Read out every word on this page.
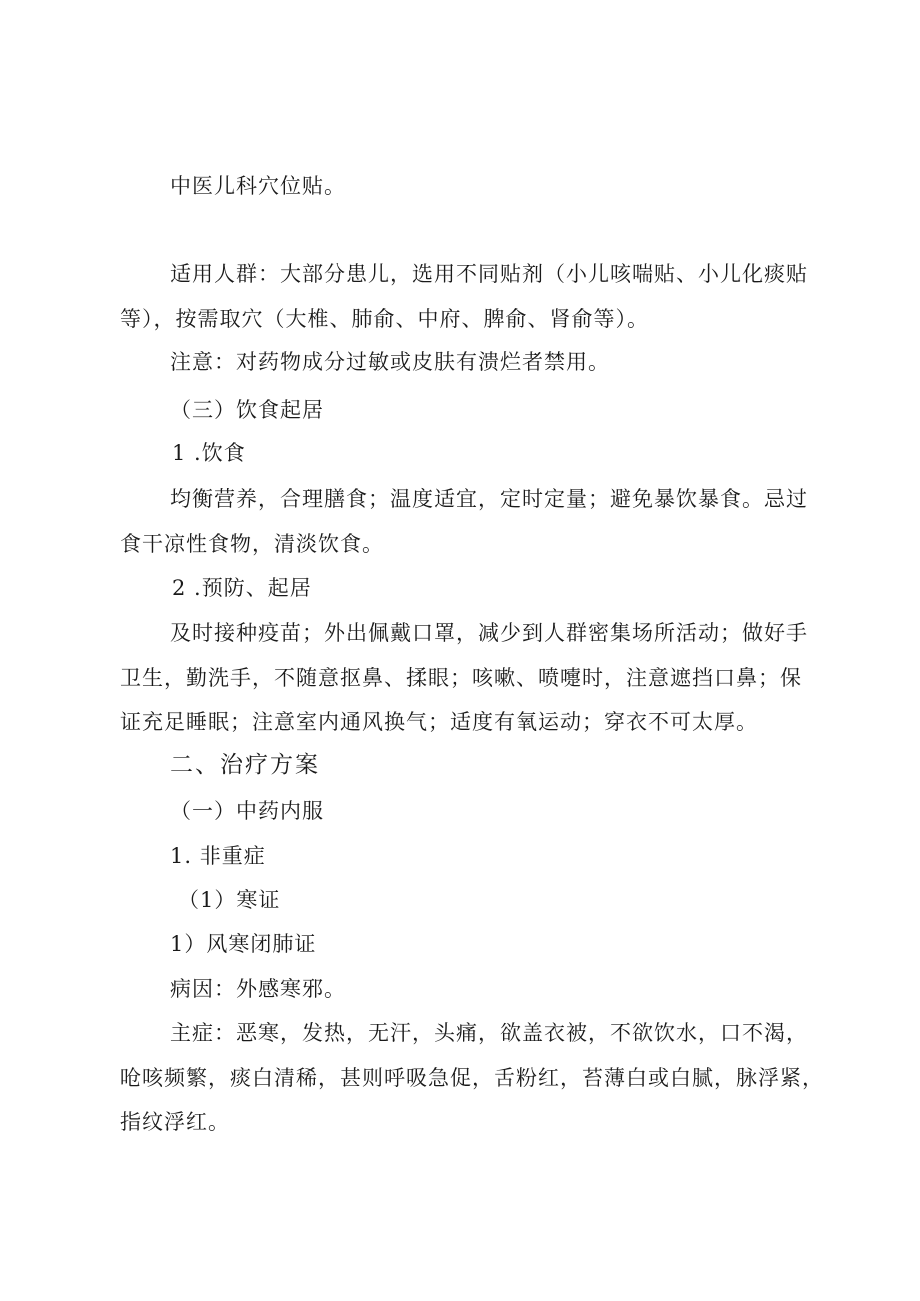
中医儿科穴位贴。
适用人群：大部分患儿，选用不同贴剂（小儿咳喘贴、小儿化痰贴
等），按需取穴（大椎、肺俞、中府、脾俞、肾俞等）。
注意：对药物成分过敏或皮肤有溃烂者禁用。
（三）饮食起居
1 .饮食
均衡营养，合理膳食；温度适宜，定时定量；避免暴饮暴食。忌过
食干凉性食物，清淡饮食。
2 .预防、起居
及时接种疫苗；外出佩戴口罩，减少到人群密集场所活动；做好手
卫生，勤洗手，不随意抠鼻、揉眼；咳嗽、喷嚏时，注意遮挡口鼻；保
证充足睡眠；注意室内通风换气；适度有氧运动；穿衣不可太厚。
二、治疗方案
（一）中药内服
1. 非重症
（1）寒证
1）风寒闭肺证
病因：外感寒邪。
主症：恶寒，发热，无汗，头痛，欲盖衣被，不欲饮水，口不渴，
呛咳频繁，痰白清稀，甚则呼吸急促，舌粉红，苔薄白或白腻，脉浮紧，
指纹浮红。
